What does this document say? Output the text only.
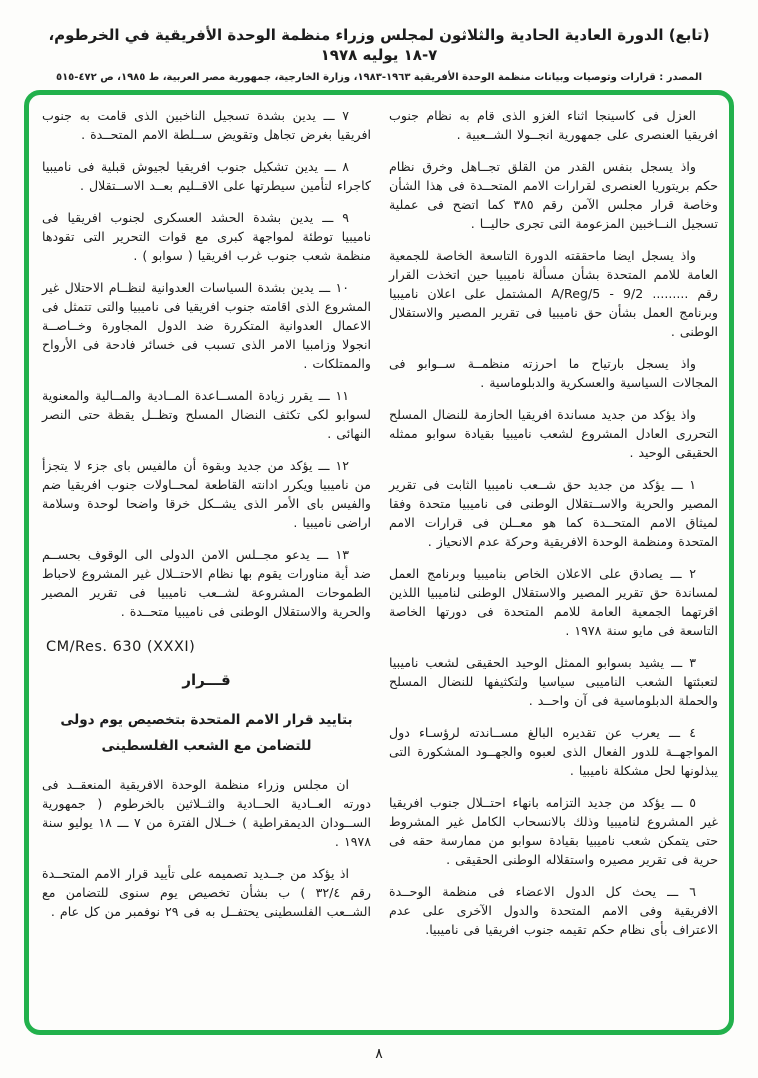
(تابع) الدورة العادية الحادية والثلاثون لمجلس وزراء منظمة الوحدة الأفريقية في الخرطوم، ٧-١٨ يوليه ١٩٧٨
المصدر : قرارات وتوصيات وبيانات منظمة الوحدة الأفريقية ١٩٦٣-١٩٨٣، وزارة الخارجية، جمهورية مصر العربية، ط ١٩٨٥، ص ٤٧٢-٥١٥

العزل فى كاسينجا اثناء الغزو الذى قام به نظام جنوب افريقيا العنصرى على جمهورية انجــولا الشــعبية .

واذ يسجل بنفس القدر من القلق تجــاهل وخرق نظام حكم بريتوريا العنصرى لقرارات الامم المتحــدة فى هذا الشأن وخاصة قرار مجلس الآمن رقم ٣٨٥ كما اتضح فى عملية تسجيل النــاخبين المزعومة التى تجرى حاليــا .

واذ يسجل ايضا ماحققته الدورة التاسعة الخاصة للجمعية العامة للامم المتحدة بشأن مسألة ناميبيا حين اتخذت القرار رقم ......... A/Reg/5 - 9/2 المشتمل على اعلان ناميبيا وبرنامج العمل بشأن حق ناميبيا فى تقرير المصير والاستقلال الوطنى .

واذ يسجل بارتياح ما احرزته منظمــة ســوابو فى المجالات السياسية والعسكرية والدبلوماسية .

واذ يؤكد من جديد مساندة افريقيا الحازمة للنضال المسلح التحررى العادل المشروع لشعب ناميبيا بقيادة سوابو ممثله الحقيقى الوحيد .

١ ـــ يؤكد من جديد حق شــعب ناميبيا الثابت فى تقرير المصير والحرية والاســتقلال الوطنى فى ناميبيا متحدة وفقا لميثاق الامم المتحــدة كما هو معــلن فى قرارات الامم المتحدة ومنظمة الوحدة الافريقية وحركة عدم الانحياز .

٢ ـــ يصادق على الاعلان الخاص بناميبيا وبرنامج العمل لمساندة حق تقرير المصير والاستقلال الوطنى لناميبيا اللذين اقرتهما الجمعية العامة للامم المتحدة فى دورتها الخاصة التاسعة فى مايو سنة ١٩٧٨ .

٣ ـــ يشيد بسوابو الممثل الوحيد الحقيقى لشعب ناميبيا لتعبئتها الشعب الناميبى سياسيا ولتكثيفها للنضال المسلح والحملة الدبلوماسية فى آن واحــد .

٤ ـــ يعرب عن تقديره البالغ مســاندته لرؤسـاء دول المواجهــة للدور الفعال الذى لعبوه والجهــود المشكورة التى يبذلونها لحل مشكلة ناميبيا .

٥ ـــ يؤكد من جديد التزامه بانهاء احتــلال جنوب افريقيا غير المشروع لناميبيا وذلك بالانسحاب الكامل غير المشروط حتى يتمكن شعب ناميبيا بقيادة سوابو من ممارسة حقه فى حرية فى تقرير مصيره واستقلاله الوطنى الحقيقى .

٦ ـــ يحث كل الدول الاعضاء فى منظمة الوحــدة الافريقية وفى الامم المتحدة والدول الآخرى على عدم الاعتراف بأى نظام حكم تقيمه جنوب افريقيا فى ناميبيا.

٧ ـــ يدين بشدة تسجيل الناخبين الذى قامت به جنوب افريقيا بغرض تجاهل وتقويض ســلطة الامم المتحــدة .

٨ ـــ يدين تشكيل جنوب افريقيا لجيوش قبلية فى ناميبيا كاجراء لتأمين سيطرتها على الاقــليم بعــد الاســتقلال .

٩ ـــ يدين بشدة الحشد العسكرى لجنوب افريقيا فى ناميبيا توطئة لمواجهة كبرى مع قوات التحرير التى تقودها منظمة شعب جنوب غرب افريقيا ( سوابو ) .

١٠ ـــ يدين بشدة السياسات العدوانية لنظــام الاحتلال غير المشروع الذى اقامته جنوب افريقيا فى ناميبيا والتى تتمثل فى الاعمال العدوانية المتكررة ضد الدول المجاورة وخــاصــة انجولا وزامبيا الامر الذى تسبب فى خسائر فادحة فى الأرواح والممتلكات .

١١ ـــ يقرر زيادة المســاعدة المــادية والمــالية والمعنوية لسوابو لكى تكثف النضال المسلح وتظــل يقظة حتى النصر النهائى .

١٢ ـــ يؤكد من جديد وبقوة أن مالفيس باى جزء لا يتجزأ من ناميبيا ويكرر ادانته القاطعة لمحــاولات جنوب افريقيا ضم والفيس باى الأمر الذى يشــكل خرقا واضحا لوحدة وسلامة اراضى ناميبيا .

١٣ ـــ يدعو مجــلس الامن الدولى الى الوقوف بحســم ضد أية مناورات يقوم بها نظام الاحتــلال غير المشروع لاحباط الطموحات المشروعة لشــعب ناميبيا فى تقرير المصير والحرية والاستقلال الوطنى فى ناميبيا متحــدة .

CM/Res. 630 (XXXI)
قـــرار
بتاييد قرار الامم المتحدة بتخصيص يوم دولى
للتضامن مع الشعب الفلسطينى

ان مجلس وزراء منظمة الوحدة الافريقية المنعقــد فى دورته العــادية الحــادية والثــلاثين بالخرطوم ( جمهورية الســودان الديمقراطية ) خــلال الفترة من ٧ ـــ ١٨ يوليو سنة ١٩٧٨ .

اذ يؤكد من جــديد تصميمه على تأييد قرار الامم المتحــدة رقم ٣٢/٤ ) ب بشأن تخصيص يوم سنوى للتضامن مع الشــعب الفلسطينى يحتفــل به فى ٢٩ نوفمبر من كل عام .

٨
